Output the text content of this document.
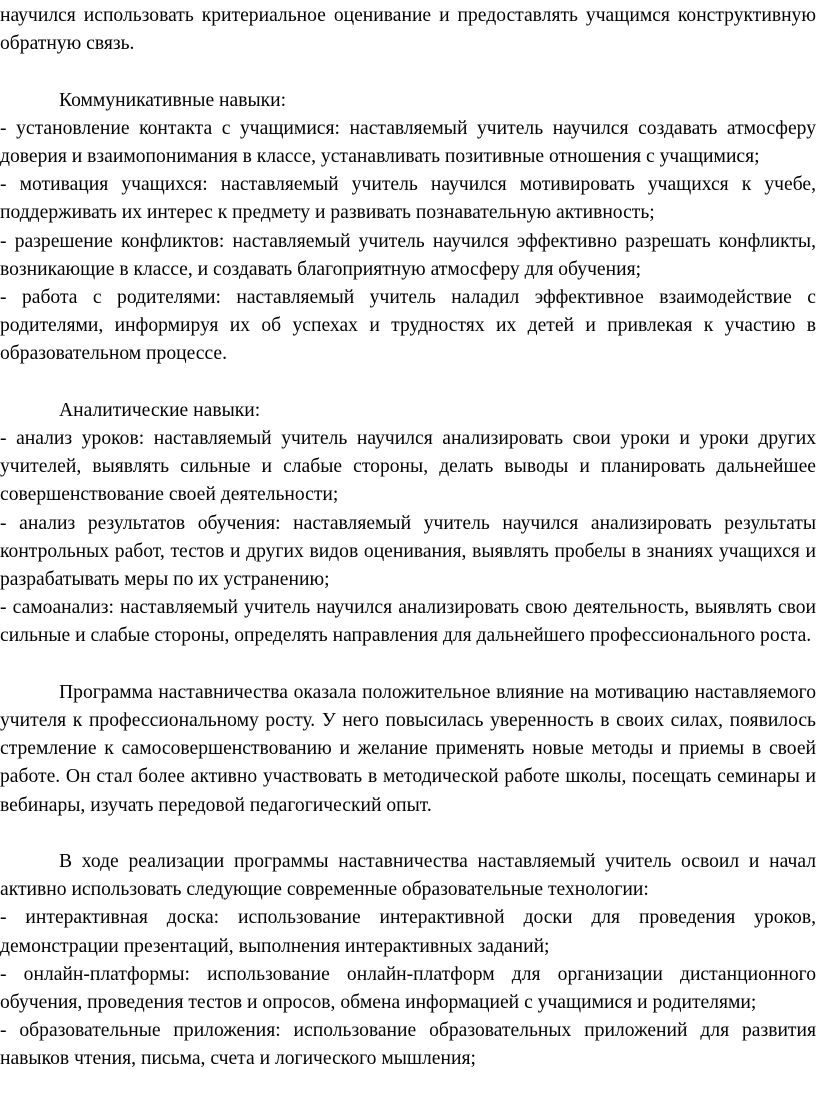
научился использовать критериальное оценивание и предоставлять учащимся конструктивную обратную связь.

Коммуникативные навыки:

- установление контакта с учащимися: наставляемый учитель научился создавать атмосферу доверия и взаимопонимания в классе, устанавливать позитивные отношения с учащимися;

- мотивация учащихся: наставляемый учитель научился мотивировать учащихся к учебе, поддерживать их интерес к предмету и развивать познавательную активность;

- разрешение конфликтов: наставляемый учитель научился эффективно разрешать конфликты, возникающие в классе, и создавать благоприятную атмосферу для обучения;

- работа с родителями: наставляемый учитель наладил эффективное взаимодействие с родителями, информируя их об успехах и трудностях их детей и привлекая к участию в образовательном процессе.

Аналитические навыки:

- анализ уроков: наставляемый учитель научился анализировать свои уроки и уроки других учителей, выявлять сильные и слабые стороны, делать выводы и планировать дальнейшее совершенствование своей деятельности;

- анализ результатов обучения: наставляемый учитель научился анализировать результаты контрольных работ, тестов и других видов оценивания, выявлять пробелы в знаниях учащихся и разрабатывать меры по их устранению;

- самоанализ: наставляемый учитель научился анализировать свою деятельность, выявлять свои сильные и слабые стороны, определять направления для дальнейшего профессионального роста.

Программа наставничества оказала положительное влияние на мотивацию наставляемого учителя к профессиональному росту. У него повысилась уверенность в своих силах, появилось стремление к самосовершенствованию и желание применять новые методы и приемы в своей работе. Он стал более активно участвовать в методической работе школы, посещать семинары и вебинары, изучать передовой педагогический опыт.

В ходе реализации программы наставничества наставляемый учитель освоил и начал активно использовать следующие современные образовательные технологии:

- интерактивная доска: использование интерактивной доски для проведения уроков, демонстрации презентаций, выполнения интерактивных заданий;

- онлайн-платформы: использование онлайн-платформ для организации дистанционного обучения, проведения тестов и опросов, обмена информацией с учащимися и родителями;

- образовательные приложения: использование образовательных приложений для развития навыков чтения, письма, счета и логического мышления;
